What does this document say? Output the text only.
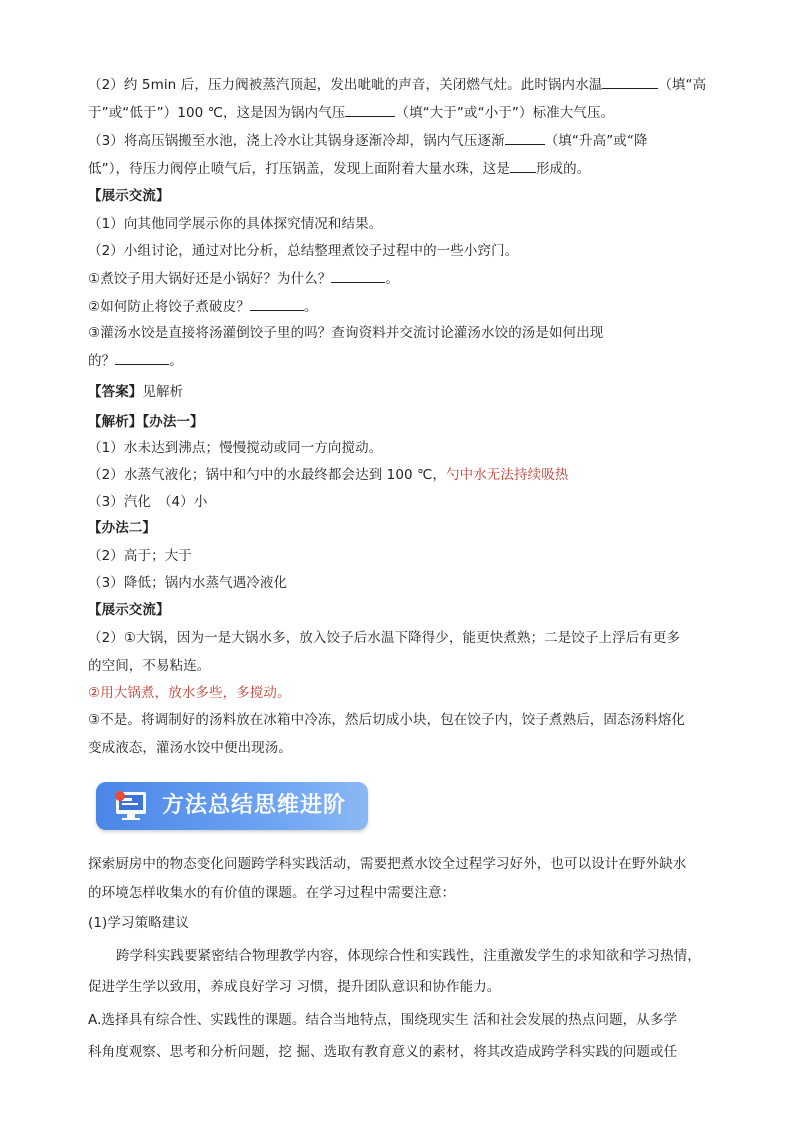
（2）约 5min 后，压力阀被蒸汽顶起，发出呲呲的声音，关闭燃气灶。此时锅内水温	（填“高
于”或“低于”）100 ℃，这是因为锅内气压	（填“大于”或“小于”）标准大气压。
（3）将高压锅搬至水池，浇上冷水让其锅身逐渐冷却，锅内气压逐渐	（填“升高”或“降
低”），待压力阀停止喷气后，打压锅盖，发现上面附着大量水珠，这是 形成的。
【展示交流】
（1）向其他同学展示你的具体探究情况和结果。
（2）小组讨论，通过对比分析，总结整理煮饺子过程中的一些小窍门。
①煮饺子用大锅好还是小锅好？为什么？	。
②如何防止将饺子煮破皮？	。
③灌汤水饺是直接将汤灌倒饺子里的吗？查询资料并交流讨论灌汤水饺的汤是如何出现
的？	。
【答案】见解析
【解析】【办法一】
（1）水未达到沸点；慢慢搅动或同一方向搅动。
（2）水蒸气液化；锅中和勺中的水最终都会达到 100 ℃，勺中水无法持续吸热
（3）汽化　（4）小
【办法二】
（2）高于；大于
（3）降低；锅内水蒸气遇冷液化
【展示交流】
（2）①大锅，因为一是大锅水多，放入饺子后水温下降得少，能更快煮熟；二是饺子上浮后有更多
的空间，不易粘连。
②用大锅煮，放水多些，多搅动。
③不是。将调制好的汤料放在冰箱中冷冻，然后切成小块，包在饺子内，饺子煮熟后，固态汤料熔化
变成液态，灌汤水饺中便出现汤。
方法总结思维进阶
探索厨房中的物态变化问题跨学科实践活动，需要把煮水饺全过程学习好外，也可以设计在野外缺水
的环境怎样收集水的有价值的课题。在学习过程中需要注意：
(1)学习策略建议
跨学科实践要紧密结合物理教学内容，体现综合性和实践性，注重激发学生的求知欲和学习热情，
促进学生学以致用，养成良好学习 习惯，提升团队意识和协作能力。
A.选择具有综合性、实践性的课题。结合当地特点，围绕现实生 活和社会发展的热点问题，从多学
科角度观察、思考和分析问题，挖 掘、选取有教育意义的素材，将其改造成跨学科实践的问题或任
